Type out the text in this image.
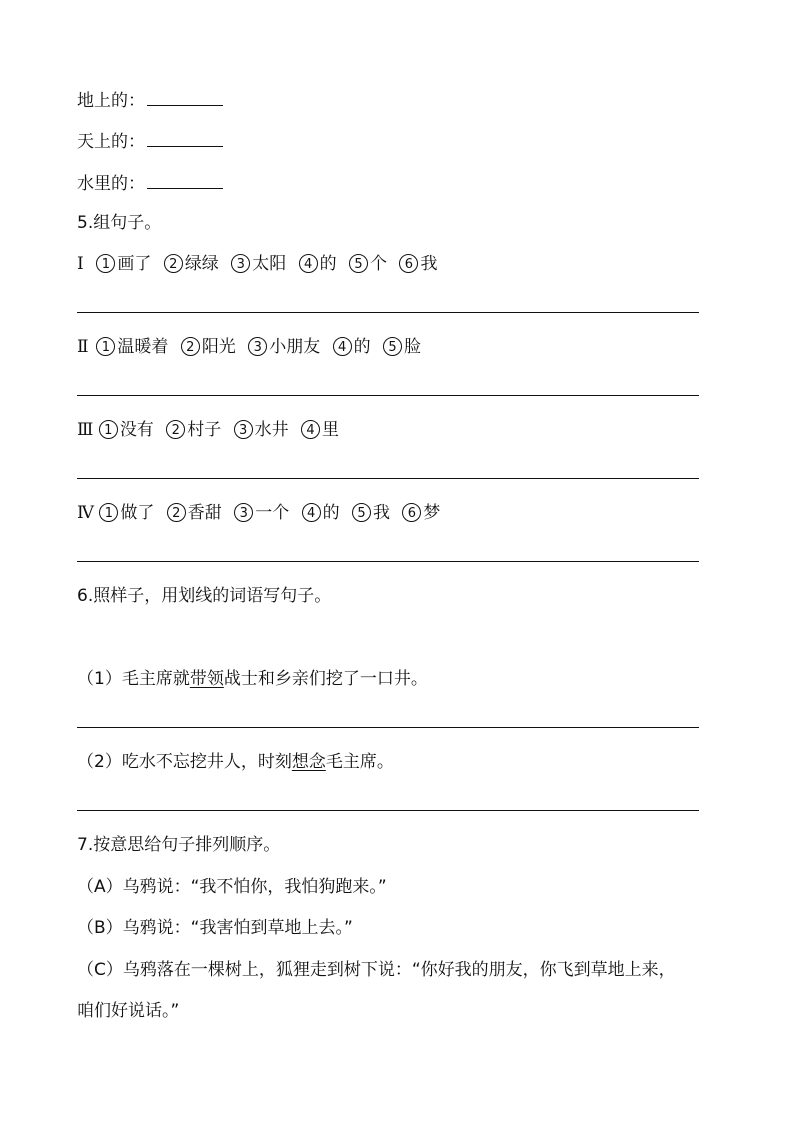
地上的：
天上的：
水里的：
5.组句子。
Ⅰ 1 画了 2 绿绿 3 太阳 4 的 5 个 6 我
Ⅱ 1 温暖着 2 阳光 3 小朋友 4 的 5 脸
Ⅲ 1 没有 2 村子 3 水井 4 里
Ⅳ 1 做了 2 香甜 3 一个 4 的 5 我 6 梦
6.照样子，用划线的词语写句子。
（1）毛主席就带领战士和乡亲们挖了一口井。
（2）吃水不忘挖井人，时刻想念毛主席。
7.按意思给句子排列顺序。
（A）乌鸦说：“我不怕你，我怕狗跑来。”
（B）乌鸦说：“我害怕到草地上去。”
（C）乌鸦落在一棵树上，狐狸走到树下说：“你好我的朋友，你飞到草地上来，
咱们好说话。”
